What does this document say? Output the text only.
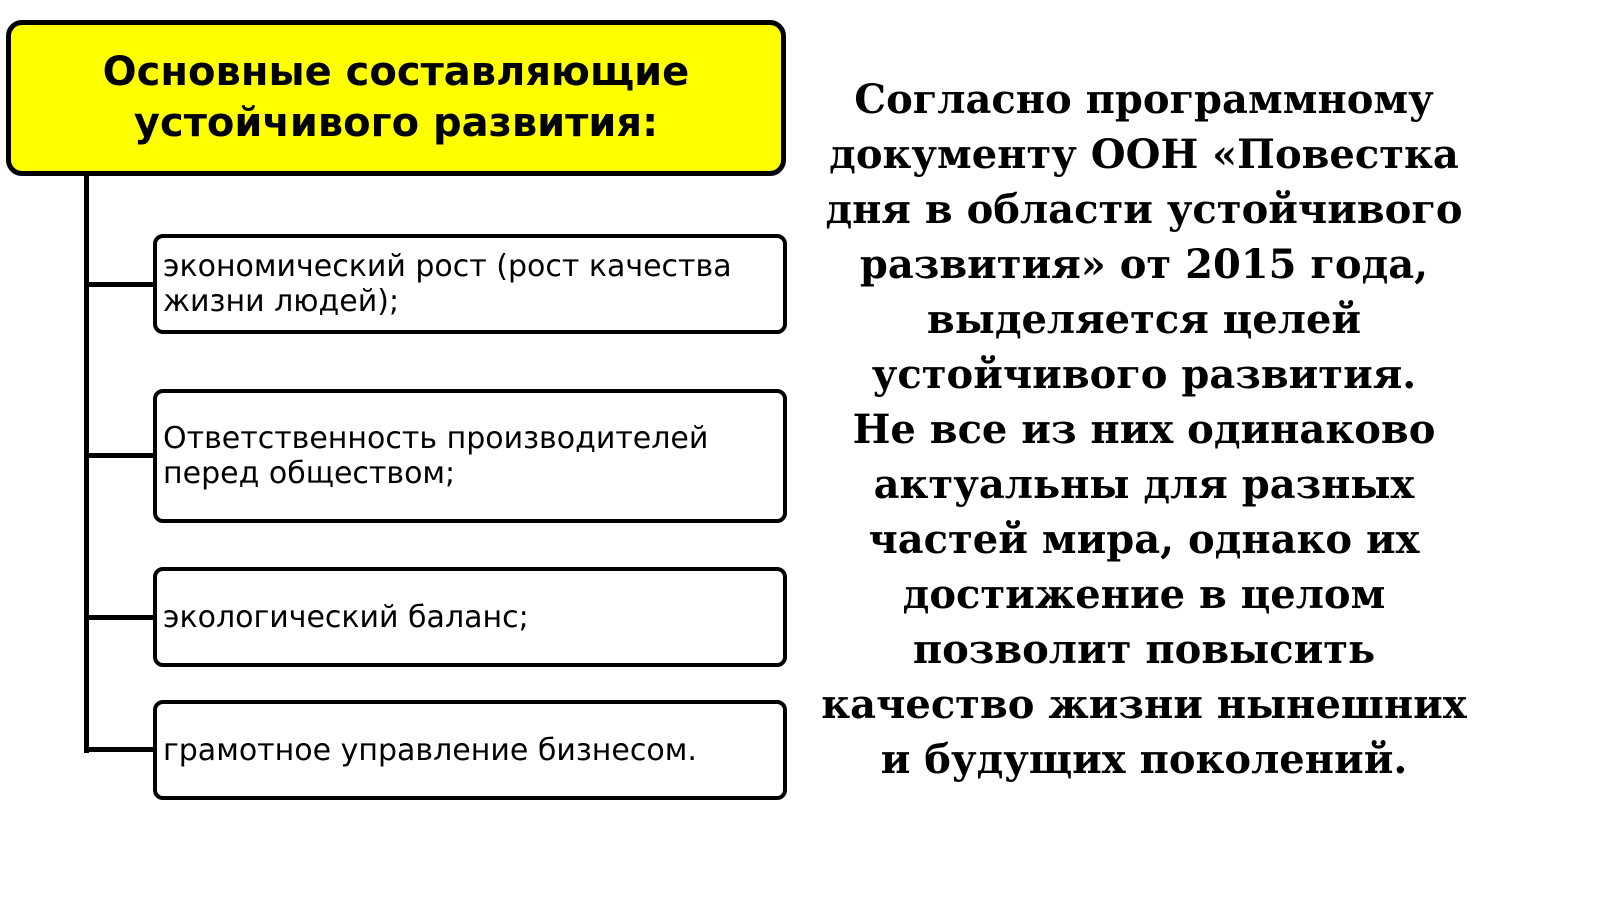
Основные составляющие устойчивого развития:

экономический рост (рост качества жизни людей);

Ответственность производителей перед обществом;

экологический баланс;

грамотное управление бизнесом.

Согласно программному документу ООН «Повестка дня в области устойчивого развития» от 2015 года, выделяется целей устойчивого развития.

Не все из них одинаково актуальны для разных частей мира, однако их достижение в целом позволит повысить качество жизни нынешних и будущих поколений.
